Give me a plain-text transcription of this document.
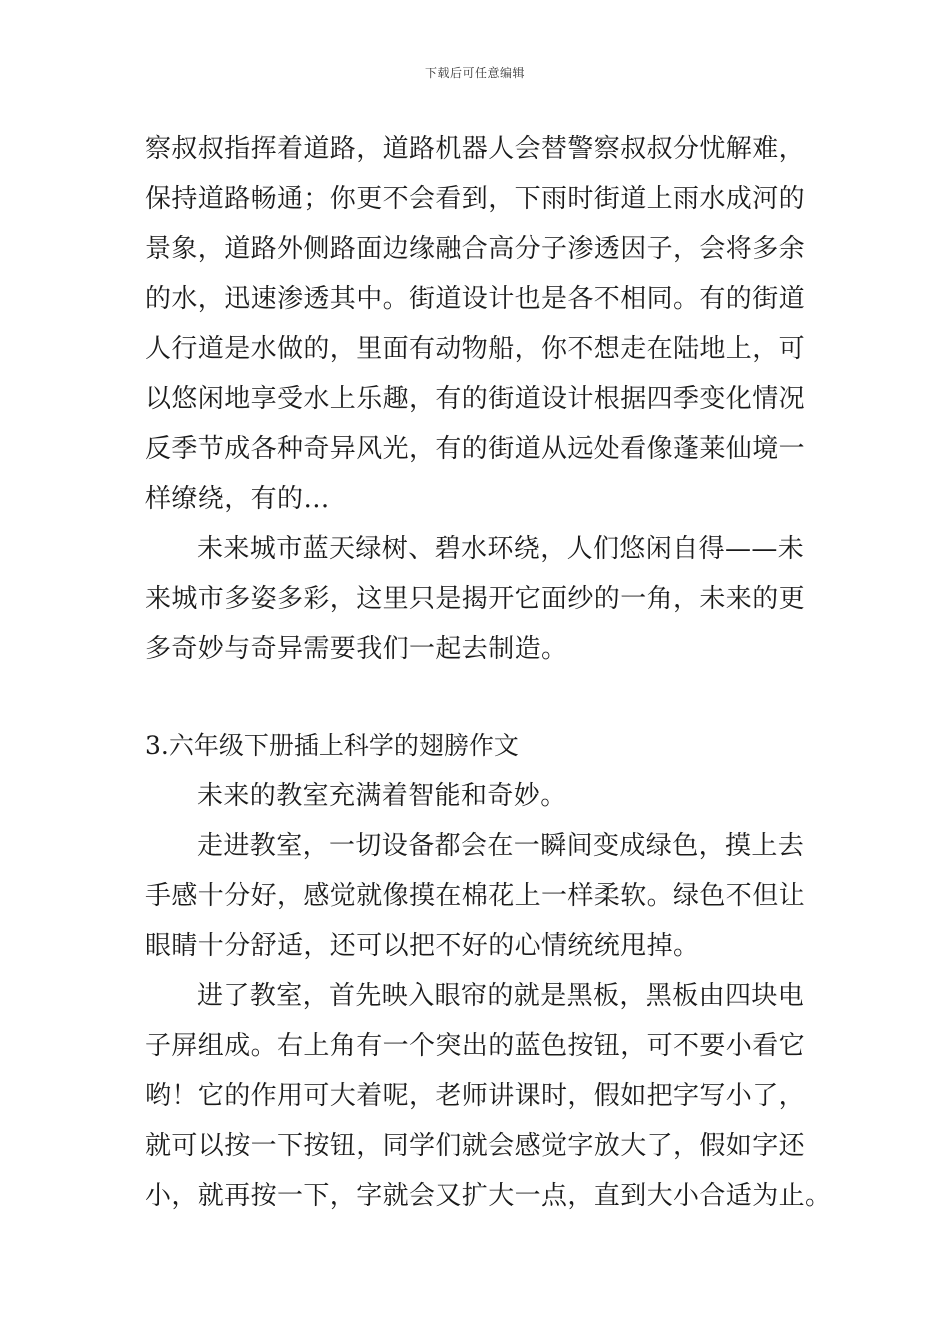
下载后可任意编辑
察叔叔指挥着道路，道路机器人会替警察叔叔分忧解难，
保持道路畅通；你更不会看到，下雨时街道上雨水成河的
景象，道路外侧路面边缘融合高分子渗透因子，会将多余
的水，迅速渗透其中。街道设计也是各不相同。有的街道
人行道是水做的，里面有动物船，你不想走在陆地上，可
以悠闲地享受水上乐趣，有的街道设计根据四季变化情况
反季节成各种奇异风光，有的街道从远处看像蓬莱仙境一
样缭绕，有的…
未来城市蓝天绿树、碧水环绕，人们悠闲自得——未
来城市多姿多彩，这里只是揭开它面纱的一角，未来的更
多奇妙与奇异需要我们一起去制造。
3.六年级下册插上科学的翅膀作文
未来的教室充满着智能和奇妙。
走进教室，一切设备都会在一瞬间变成绿色，摸上去
手感十分好，感觉就像摸在棉花上一样柔软。绿色不但让
眼睛十分舒适，还可以把不好的心情统统甩掉。
进了教室，首先映入眼帘的就是黑板，黑板由四块电
子屏组成。右上角有一个突出的蓝色按钮，可不要小看它
哟！它的作用可大着呢，老师讲课时，假如把字写小了，
就可以按一下按钮，同学们就会感觉字放大了，假如字还
小，就再按一下，字就会又扩大一点，直到大小合适为止。
